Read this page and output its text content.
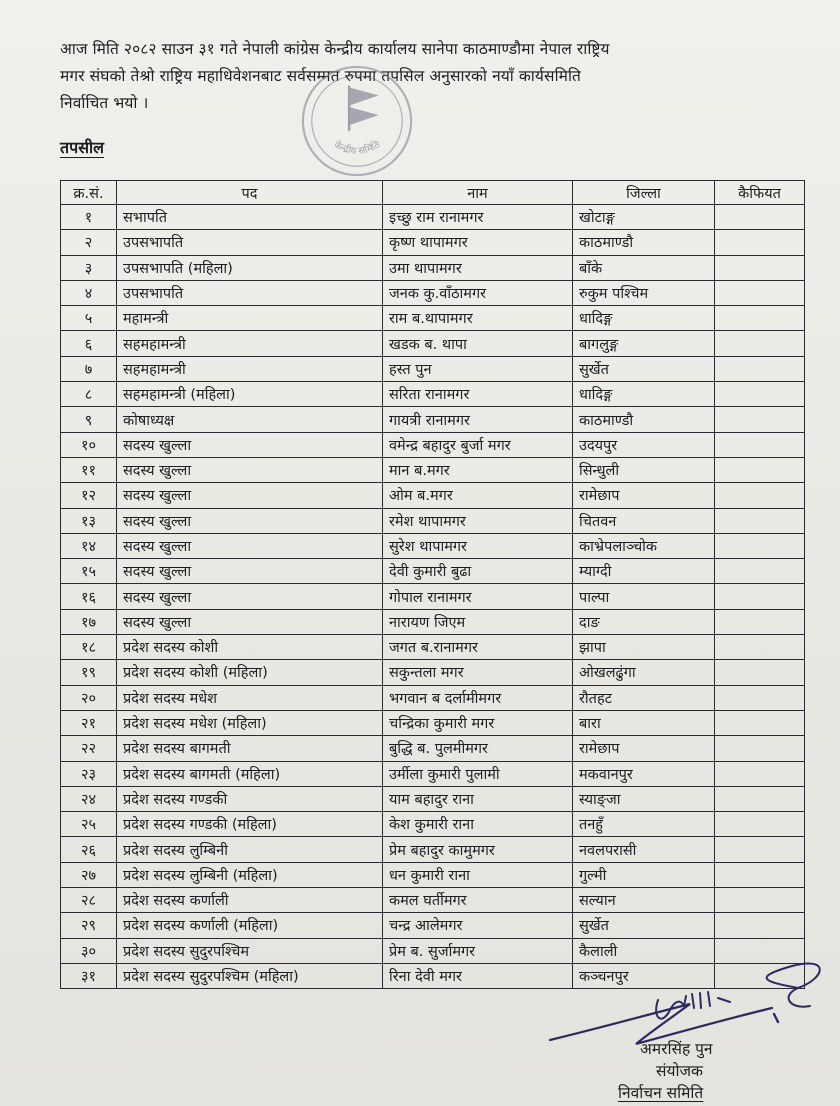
आज मिति २०८२ साउन ३१ गते नेपाली कांग्रेस केन्द्रीय कार्यालय सानेपा काठमाण्डौमा नेपाल राष्ट्रिय
मगर संघको तेश्रो राष्ट्रिय महाधिवेशनबाट सर्वसम्मत रुपमा तपसिल अनुसारको नयाँ कार्यसमिति
निर्वाचित भयो ।
केन्द्रीय समिति
तपसील
क्र.सं.	पद	नाम	जिल्ला	कैफियत
१	सभापति	इच्छु राम रानामगर	खोटाङ्ग	
२	उपसभापति	कृष्ण थापामगर	काठमाण्डौ	
३	उपसभापति (महिला)	उमा थापामगर	बाँके	
४	उपसभापति	जनक कु.वाँठामगर	रुकुम पश्चिम	
५	महामन्त्री	राम ब.थापामगर	धादिङ्ग	
६	सहमहामन्त्री	खडक ब. थापा	बागलुङ्ग	
७	सहमहामन्त्री	हस्त पुन	सुर्खेत	
८	सहमहामन्त्री (महिला)	सरिता रानामगर	धादिङ्ग	
९	कोषाध्यक्ष	गायत्री रानामगर	काठमाण्डौ	
१०	सदस्य खुल्ला	वमेन्द्र बहादुर बुर्जा मगर	उदयपुर	
११	सदस्य खुल्ला	मान ब.मगर	सिन्धुली	
१२	सदस्य खुल्ला	ओम ब.मगर	रामेछाप	
१३	सदस्य खुल्ला	रमेश थापामगर	चितवन	
१४	सदस्य खुल्ला	सुरेश थापामगर	काभ्रेपलाञ्चोक	
१५	सदस्य खुल्ला	देवी कुमारी बुढा	म्याग्दी	
१६	सदस्य खुल्ला	गोपाल रानामगर	पाल्पा	
१७	सदस्य खुल्ला	नारायण जिएम	दाङ	
१८	प्रदेश सदस्य कोशी	जगत ब.रानामगर	झापा	
१९	प्रदेश सदस्य कोशी (महिला)	सकुन्तला मगर	ओखलढुंगा	
२०	प्रदेश सदस्य मधेश	भगवान ब दर्लामीमगर	रौतहट	
२१	प्रदेश सदस्य मधेश (महिला)	चन्द्रिका कुमारी मगर	बारा	
२२	प्रदेश सदस्य बागमती	बुद्धि ब. पुलमीमगर	रामेछाप	
२३	प्रदेश सदस्य बागमती (महिला)	उर्मीला कुमारी पुलामी	मकवानपुर	
२४	प्रदेश सदस्य गण्डकी	याम बहादुर राना	स्याङ्जा	
२५	प्रदेश सदस्य गण्डकी (महिला)	केश कुमारी राना	तनहुँ	
२६	प्रदेश सदस्य लुम्बिनी	प्रेम बहादुर कामुमगर	नवलपरासी	
२७	प्रदेश सदस्य लुम्बिनी (महिला)	धन कुमारी राना	गुल्मी	
२८	प्रदेश सदस्य कर्णाली	कमल घर्तीमगर	सल्यान	
२९	प्रदेश सदस्य कर्णाली (महिला)	चन्द्र आलेमगर	सुर्खेत	
३०	प्रदेश सदस्य सुदुरपश्चिम	प्रेम ब. सुर्जामगर	कैलाली	
३१	प्रदेश सदस्य सुदुरपश्चिम (महिला)	रिना देवी मगर	कञ्चनपुर	
अमरसिंह पुन
संयोजक
निर्वाचन समिति
